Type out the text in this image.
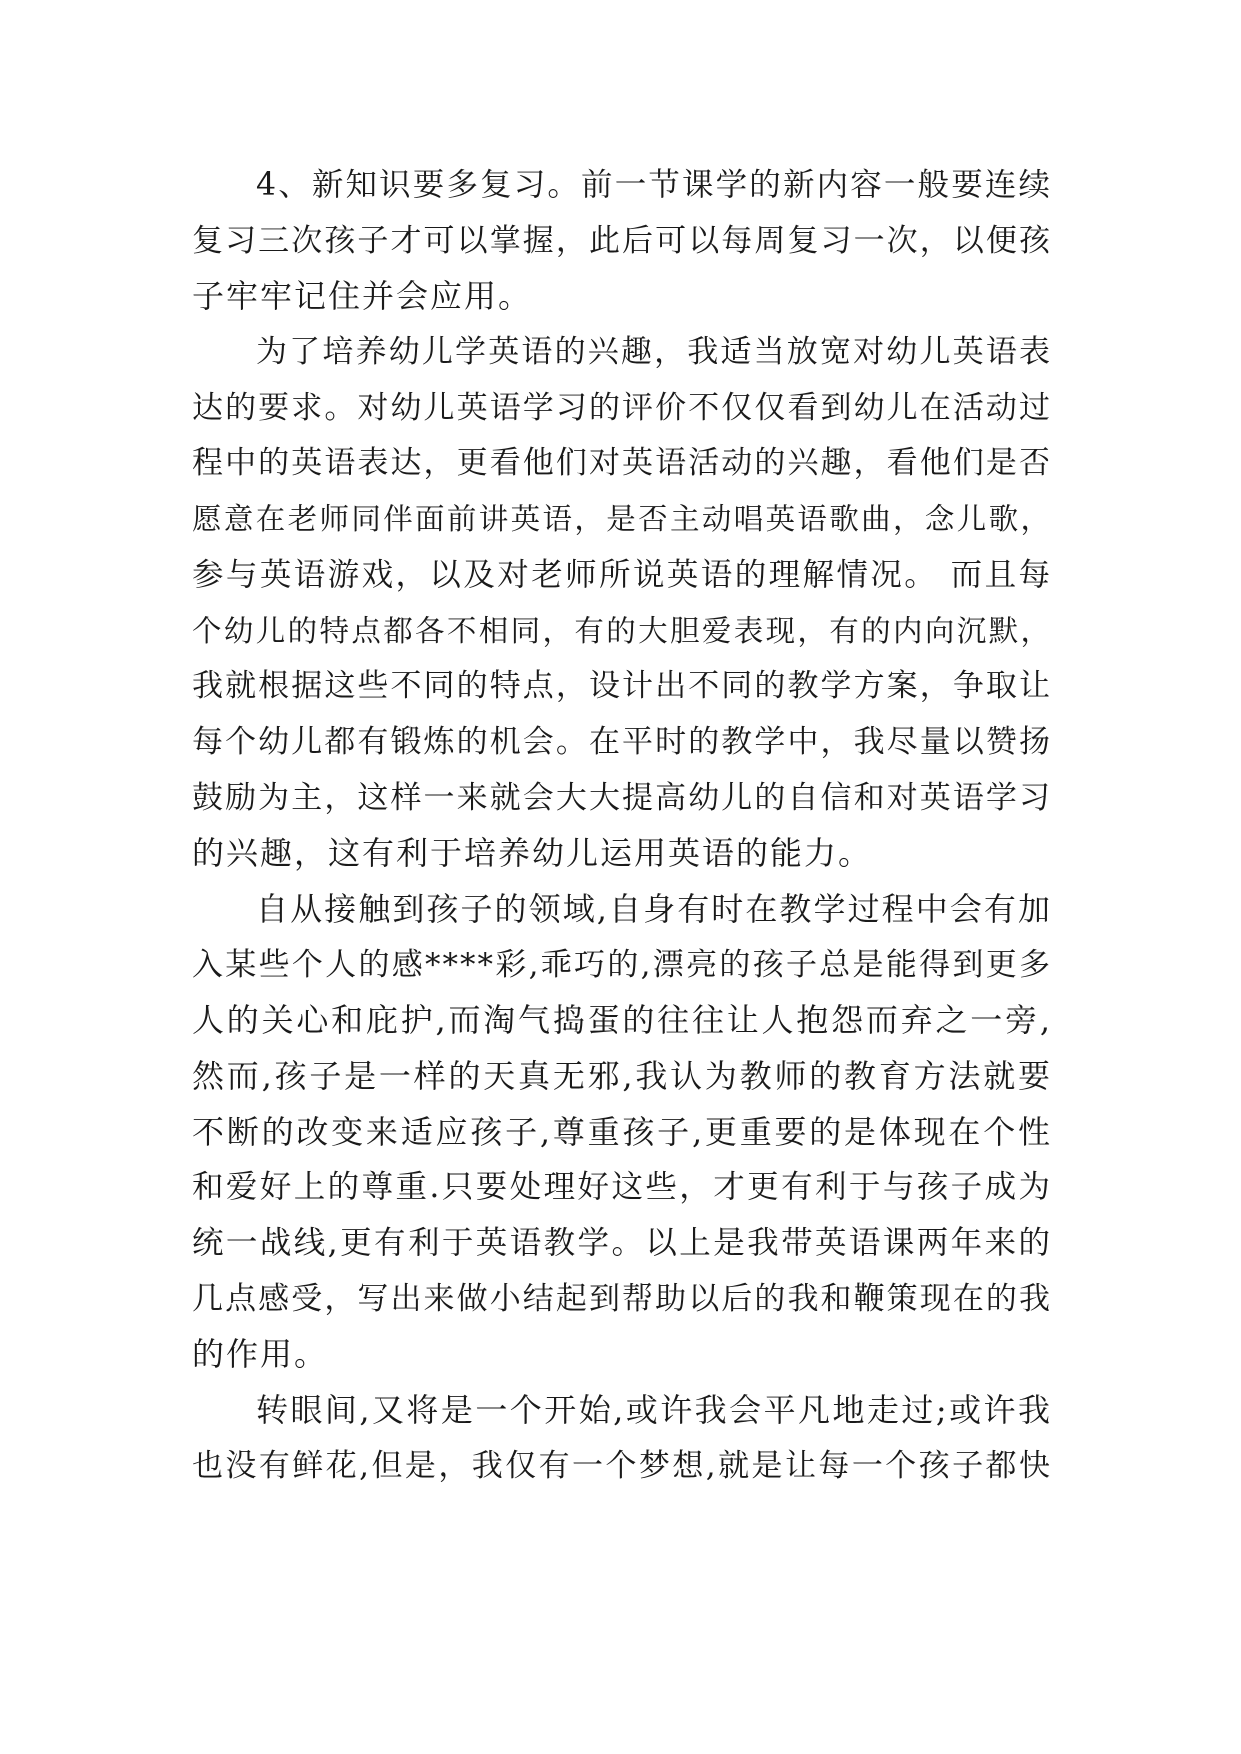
4、新知识要多复习。前一节课学的新内容一般要连续
复习三次孩子才可以掌握，此后可以每周复习一次，以便孩
子牢牢记住并会应用。
为了培养幼儿学英语的兴趣，我适当放宽对幼儿英语表
达的要求。对幼儿英语学习的评价不仅仅看到幼儿在活动过
程中的英语表达，更看他们对英语活动的兴趣，看他们是否
愿意在老师同伴面前讲英语，是否主动唱英语歌曲，念儿歌，
参与英语游戏，以及对老师所说英语的理解情况。 而且每
个幼儿的特点都各不相同，有的大胆爱表现，有的内向沉默，
我就根据这些不同的特点，设计出不同的教学方案，争取让
每个幼儿都有锻炼的机会。在平时的教学中，我尽量以赞扬
鼓励为主，这样一来就会大大提高幼儿的自信和对英语学习
的兴趣，这有利于培养幼儿运用英语的能力。
自从接触到孩子的领域,自身有时在教学过程中会有加
入某些个人的感****彩,乖巧的,漂亮的孩子总是能得到更多
人的关心和庇护,而淘气捣蛋的往往让人抱怨而弃之一旁,
然而,孩子是一样的天真无邪,我认为教师的教育方法就要
不断的改变来适应孩子,尊重孩子,更重要的是体现在个性
和爱好上的尊重.只要处理好这些，才更有利于与孩子成为
统一战线,更有利于英语教学。以上是我带英语课两年来的
几点感受，写出来做小结起到帮助以后的我和鞭策现在的我
的作用。
转眼间,又将是一个开始,或许我会平凡地走过;或许我
也没有鲜花,但是，我仅有一个梦想,就是让每一个孩子都快
